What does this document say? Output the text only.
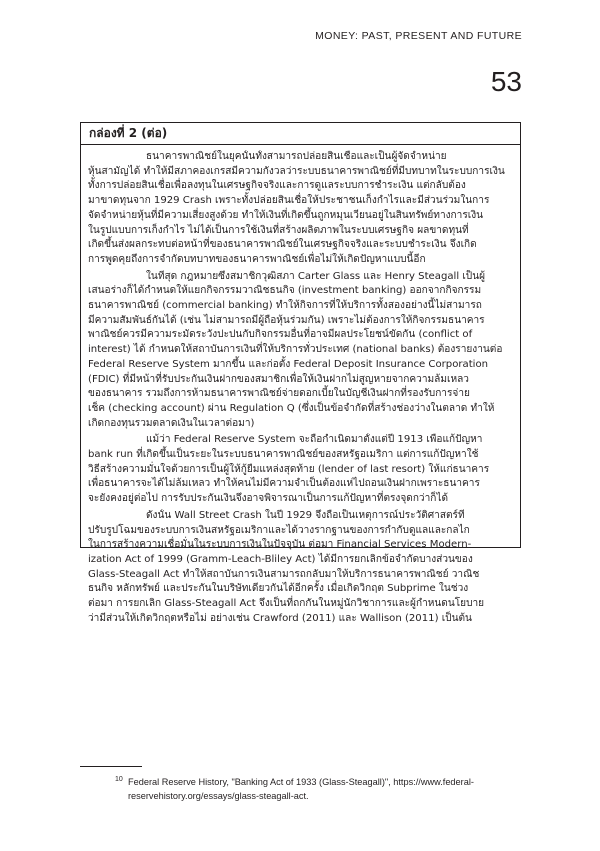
MONEY: PAST, PRESENT AND FUTURE
53
กล่องที่ 2 (ต่อ)
ธนาคารพาณิชย์ในยุคนั้นทั้งสามารถปล่อยสินเชื่อและเป็นผู้จัดจำหน่าย
หุ้นสามัญได้ ทำให้มีสภาคองเกรสมีความกังวลว่าระบบธนาคารพาณิชย์ที่มีบทบาทในระบบการเงิน
ทั้งการปล่อยสินเชื่อเพื่อลงทุนในเศรษฐกิจจริงและการดูแลระบบการชำระเงิน แต่กลับต้อง
มาขาดทุนจาก 1929 Crash เพราะทั้งปล่อยสินเชื่อให้ประชาชนเก็งกำไรและมีส่วนร่วมในการ
จัดจำหน่ายหุ้นที่มีความเสี่ยงสูงด้วย ทำให้เงินที่เกิดขึ้นถูกหมุนเวียนอยู่ในสินทรัพย์ทางการเงิน
ในรูปแบบการเก็งกำไร ไม่ได้เป็นการใช้เงินที่สร้างผลิตภาพในระบบเศรษฐกิจ ผลขาดทุนที่
เกิดขึ้นส่งผลกระทบต่อหน้าที่ของธนาคารพาณิชย์ในเศรษฐกิจจริงและระบบชำระเงิน จึงเกิด
การพูดคุยถึงการจำกัดบทบาทของธนาคารพาณิชย์เพื่อไม่ให้เกิดปัญหาแบบนี้อีก
ในที่สุด กฎหมายซึ่งสมาชิกวุฒิสภา Carter Glass และ Henry Steagall เป็นผู้
เสนอร่างก็ได้กำหนดให้แยกกิจกรรมวาณิชธนกิจ (investment banking) ออกจากกิจกรรม
ธนาคารพาณิชย์ (commercial banking) ทำให้กิจการที่ให้บริการทั้งสองอย่างนี้ไม่สามารถ
มีความสัมพันธ์กันได้ (เช่น ไม่สามารถมีผู้ถือหุ้นร่วมกัน) เพราะไม่ต้องการให้กิจกรรมธนาคาร
พาณิชย์ควรมีความระมัดระวังปะปนกับกิจกรรมอื่นที่อาจมีผลประโยชน์ขัดกัน (conflict of
interest) ได้ กำหนดให้สถาบันการเงินที่ให้บริการทั่วประเทศ (national banks) ต้องรายงานต่อ
Federal Reserve System มากขึ้น และก่อตั้ง Federal Deposit Insurance Corporation
(FDIC) ที่มีหน้าที่รับประกันเงินฝากของสมาชิกเพื่อให้เงินฝากไม่สูญหายจากความล้มเหลว
ของธนาคาร รวมถึงการห้ามธนาคารพาณิชย์จ่ายดอกเบี้ยในบัญชีเงินฝากที่รองรับการจ่าย
เช็ค (checking account) ผ่าน Regulation Q (ซึ่งเป็นข้อจำกัดที่สร้างช่องว่างในตลาด ทำให้
เกิดกองทุนรวมตลาดเงินในเวลาต่อมา)
แม้ว่า Federal Reserve System จะถือกำเนิดมาตั้งแต่ปี 1913 เพื่อแก้ปัญหา
bank run ที่เกิดขึ้นเป็นระยะในระบบธนาคารพาณิชย์ของสหรัฐอเมริกา แต่การแก้ปัญหาใช้
วิธีสร้างความมั่นใจด้วยการเป็นผู้ให้กู้ยืมแหล่งสุดท้าย (lender of last resort) ให้แก่ธนาคาร
เพื่อธนาคารจะได้ไม่ล้มเหลว ทำให้คนไม่มีความจำเป็นต้องแห่ไปถอนเงินฝากเพราะธนาคาร
จะยังคงอยู่ต่อไป การรับประกันเงินจึงอาจพิจารณาเป็นการแก้ปัญหาที่ตรงจุดกว่าก็ได้
ดังนั้น Wall Street Crash ในปี 1929 จึงถือเป็นเหตุการณ์ประวัติศาสตร์ที่
ปรับรูปโฉมของระบบการเงินสหรัฐอเมริกาและได้วางรากฐานของการกำกับดูแลและกลไก
ในการสร้างความเชื่อมั่นในระบบการเงินในปัจจุบัน ต่อมา Financial Services Modern-
ization Act of 1999 (Gramm-Leach-Bliley Act) ได้มีการยกเลิกข้อจำกัดบางส่วนของ
Glass-Steagall Act ทำให้สถาบันการเงินสามารถกลับมาให้บริการธนาคารพาณิชย์ วาณิช
ธนกิจ หลักทรัพย์ และประกันในบริษัทเดียวกันได้อีกครั้ง เมื่อเกิดวิกฤต Subprime ในช่วง
ต่อมา การยกเลิก Glass-Steagall Act จึงเป็นที่ถกกันในหมู่นักวิชาการและผู้กำหนดนโยบาย
ว่ามีส่วนให้เกิดวิกฤตหรือไม่ อย่างเช่น Crawford (2011) และ Wallison (2011) เป็นต้น
10 Federal Reserve History, "Banking Act of 1933 (Glass-Steagall)", https://www.federal-
reservehistory.org/essays/glass-steagall-act.
